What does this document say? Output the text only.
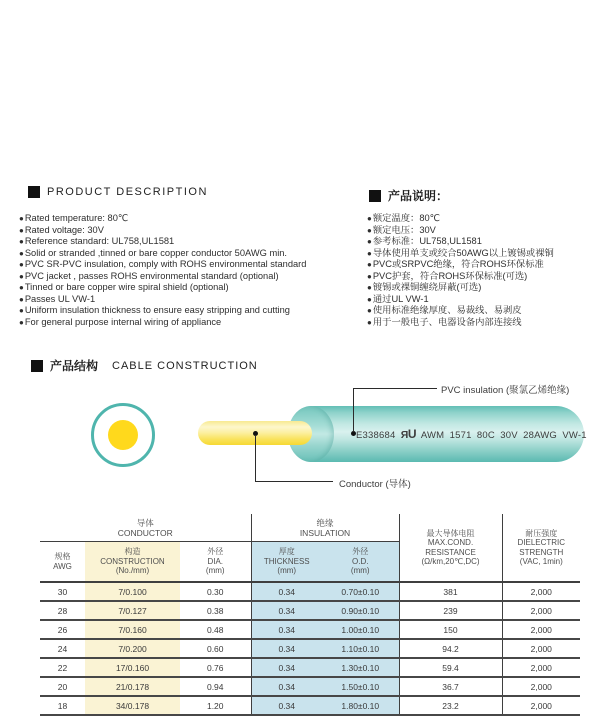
PRODUCT DESCRIPTION
●Rated temperature: 80℃
●Rated voltage: 30V
●Reference standard: UL758,UL1581
●Solid or stranded ,tinned or bare copper conductor 50AWG min.
●PVC SR-PVC insulation, comply with ROHS environmental standard
●PVC jacket , passes ROHS environmental standard (optional)
●Tinned or bare copper wire spiral shield (optional)
●Passes UL VW-1
●Uniform insulation thickness to ensure easy stripping and cutting
●For general purpose internal wiring of appliance
产品说明：
●额定温度：80℃
●额定电压：30V
●参考标准：UL758,UL1581
●导体使用单支或绞合50AWG以上镀锡或裸铜
●PVC或SRPVC绝缘，符合ROHS环保标准
●PVC护套，符合ROHS环保标准(可选)
●镀锡或裸铜缠绕屏蔽(可选)
●通过UL VW-1
●使用标准绝缘厚度、易裁线、易剥皮
●用于一般电子、电器设备内部连接线
产品结构 CABLE CONSTRUCTION
E338684 ЯU AWM 1571 80C 30V 28AWG VW-1
PVC insulation (聚氯乙烯绝缘)
Conductor (导体)
导体
CONDUCTOR

绝缘
INSULATION	最大导体电阻
MAX.COND.
RESISTANCE
(Ω/km,20℃,DC)

耐压强度
DIELECTRIC
STRENGTH
(VAC, 1min)

规格
AWG

构造
CONSTRUCTION
(No./mm)

外径
DIA.
(mm)

厚度
THICKNESS
(mm)

外径
O.D.
(mm)

30	7/0.100	0.30	0.34	0.70±0.10	381	2,000
28	7/0.127	0.38	0.34	0.90±0.10	239	2,000
26	7/0.160	0.48	0.34	1.00±0.10	150	2,000
24	7/0.200	0.60	0.34	1.10±0.10	94.2	2,000
22	17/0.160	0.76	0.34	1.30±0.10	59.4	2,000
20	21/0.178	0.94	0.34	1.50±0.10	36.7	2,000
18	34/0.178	1.20	0.34	1.80±0.10	23.2	2,000
